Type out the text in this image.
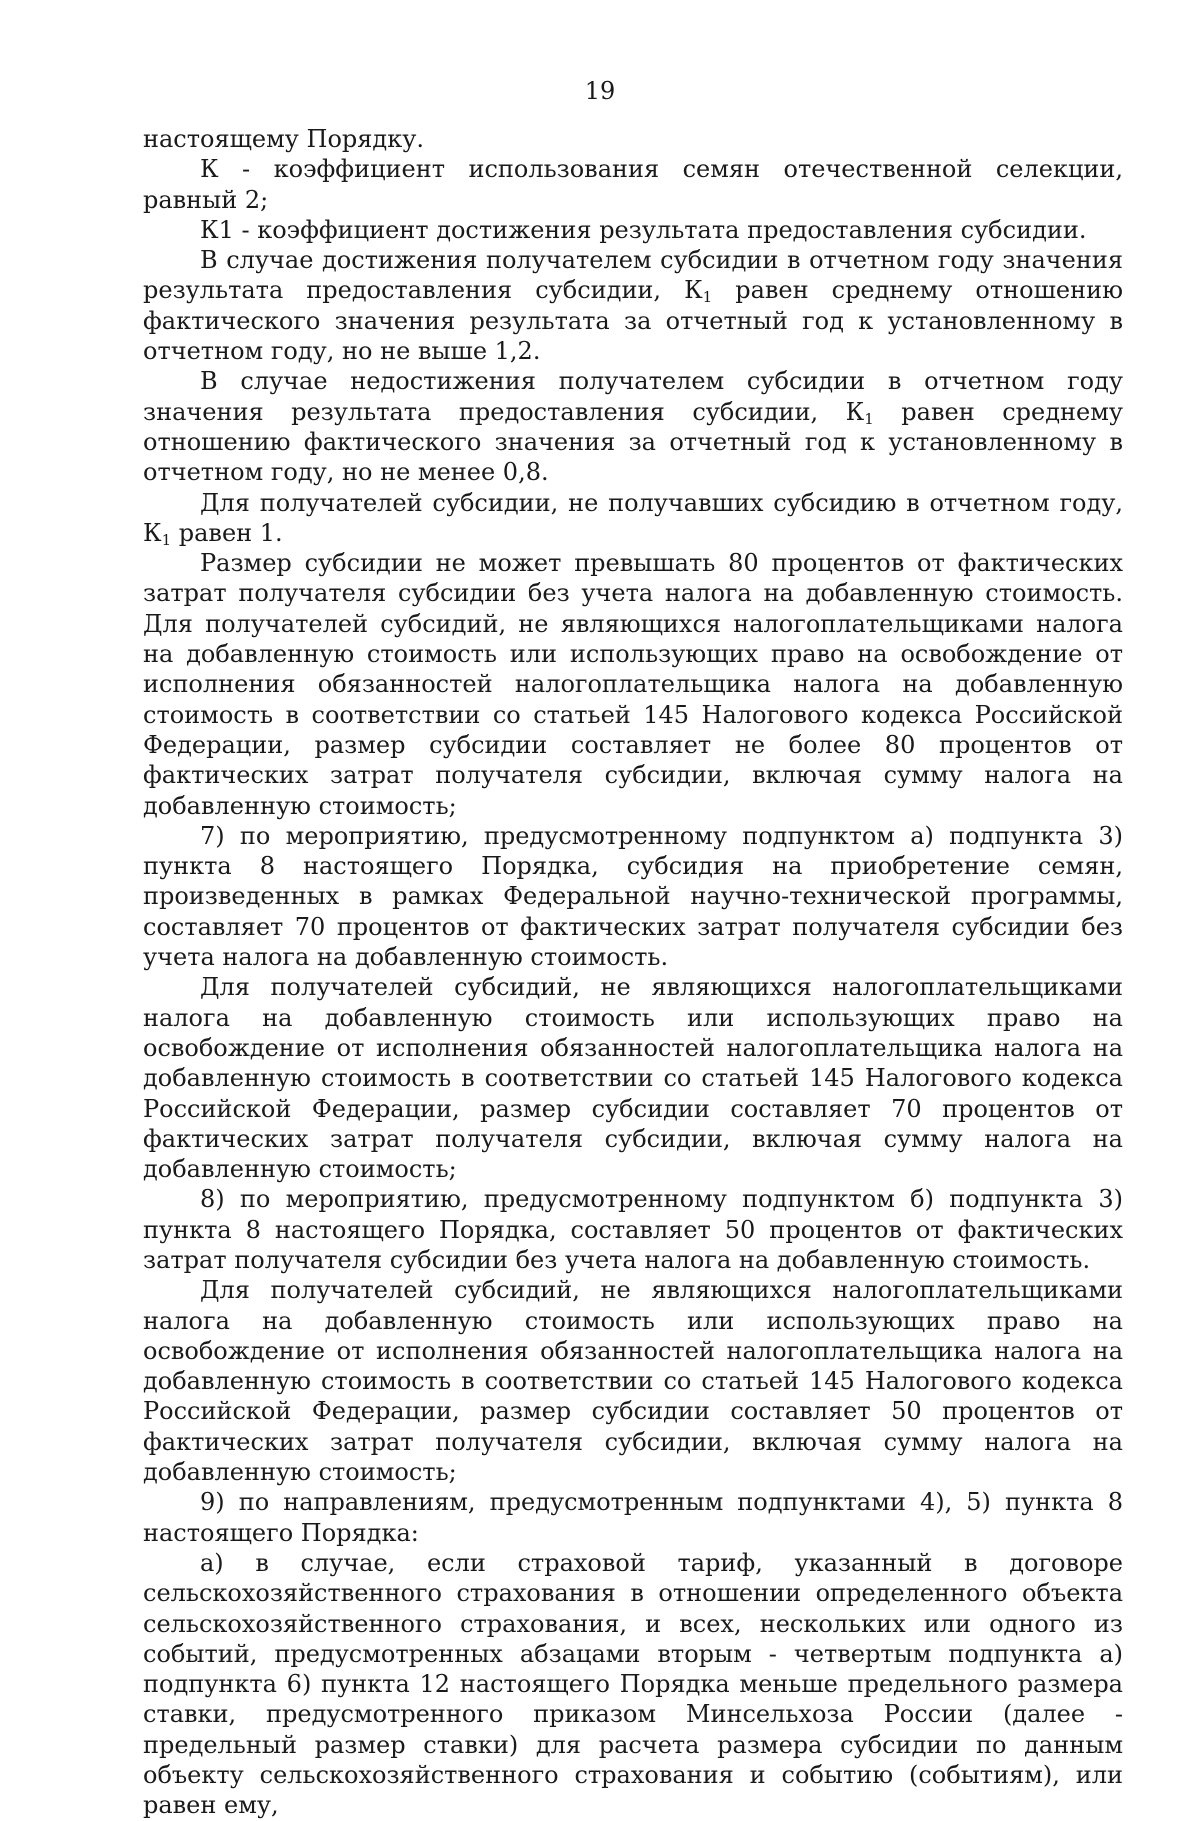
19

настоящему Порядку.

К - коэффициент использования семян отечественной селекции, равный 2;

К1 - коэффициент достижения результата предоставления субсидии.

В случае достижения получателем субсидии в отчетном году значения результата предоставления субсидии, $К_1$ равен среднему отношению фактического значения результата за отчетный год к установленному в отчетном году, но не выше 1,2.

В случае недостижения получателем субсидии в отчетном году значения результата предоставления субсидии, $К_1$ равен среднему отношению фактического значения за отчетный год к установленному в отчетном году, но не менее 0,8.

Для получателей субсидии, не получавших субсидию в отчетном году, $К_1$ равен 1.

Размер субсидии не может превышать 80 процентов от фактических затрат получателя субсидии без учета налога на добавленную стоимость. Для получателей субсидий, не являющихся налогоплательщиками налога на добавленную стоимость или использующих право на освобождение от исполнения обязанностей налогоплательщика налога на добавленную стоимость в соответствии со статьей 145 Налогового кодекса Российской Федерации, размер субсидии составляет не более 80 процентов от фактических затрат получателя субсидии, включая сумму налога на добавленную стоимость;

7) по мероприятию, предусмотренному подпунктом а) подпункта 3) пункта 8 настоящего Порядка, субсидия на приобретение семян, произведенных в рамках Федеральной научно-технической программы, составляет 70 процентов от фактических затрат получателя субсидии без учета налога на добавленную стоимость.

Для получателей субсидий, не являющихся налогоплательщиками налога на добавленную стоимость или использующих право на освобождение от исполнения обязанностей налогоплательщика налога на добавленную стоимость в соответствии со статьей 145 Налогового кодекса Российской Федерации, размер субсидии составляет 70 процентов от фактических затрат получателя субсидии, включая сумму налога на добавленную стоимость;

8) по мероприятию, предусмотренному подпунктом б) подпункта 3) пункта 8 настоящего Порядка, составляет 50 процентов от фактических затрат получателя субсидии без учета налога на добавленную стоимость.

Для получателей субсидий, не являющихся налогоплательщиками налога на добавленную стоимость или использующих право на освобождение от исполнения обязанностей налогоплательщика налога на добавленную стоимость в соответствии со статьей 145 Налогового кодекса Российской Федерации, размер субсидии составляет 50 процентов от фактических затрат получателя субсидии, включая сумму налога на добавленную стоимость;

9) по направлениям, предусмотренным подпунктами 4), 5) пункта 8 настоящего Порядка:

а) в случае, если страховой тариф, указанный в договоре сельскохозяйственного страхования в отношении определенного объекта сельскохозяйственного страхования, и всех, нескольких или одного из событий, предусмотренных абзацами вторым - четвертым подпункта а) подпункта 6) пункта 12 настоящего Порядка меньше предельного размера ставки, предусмотренного приказом Минсельхоза России (далее - предельный размер ставки) для расчета размера субсидии по данным объекту сельскохозяйственного страхования и событию (событиям), или равен ему,
